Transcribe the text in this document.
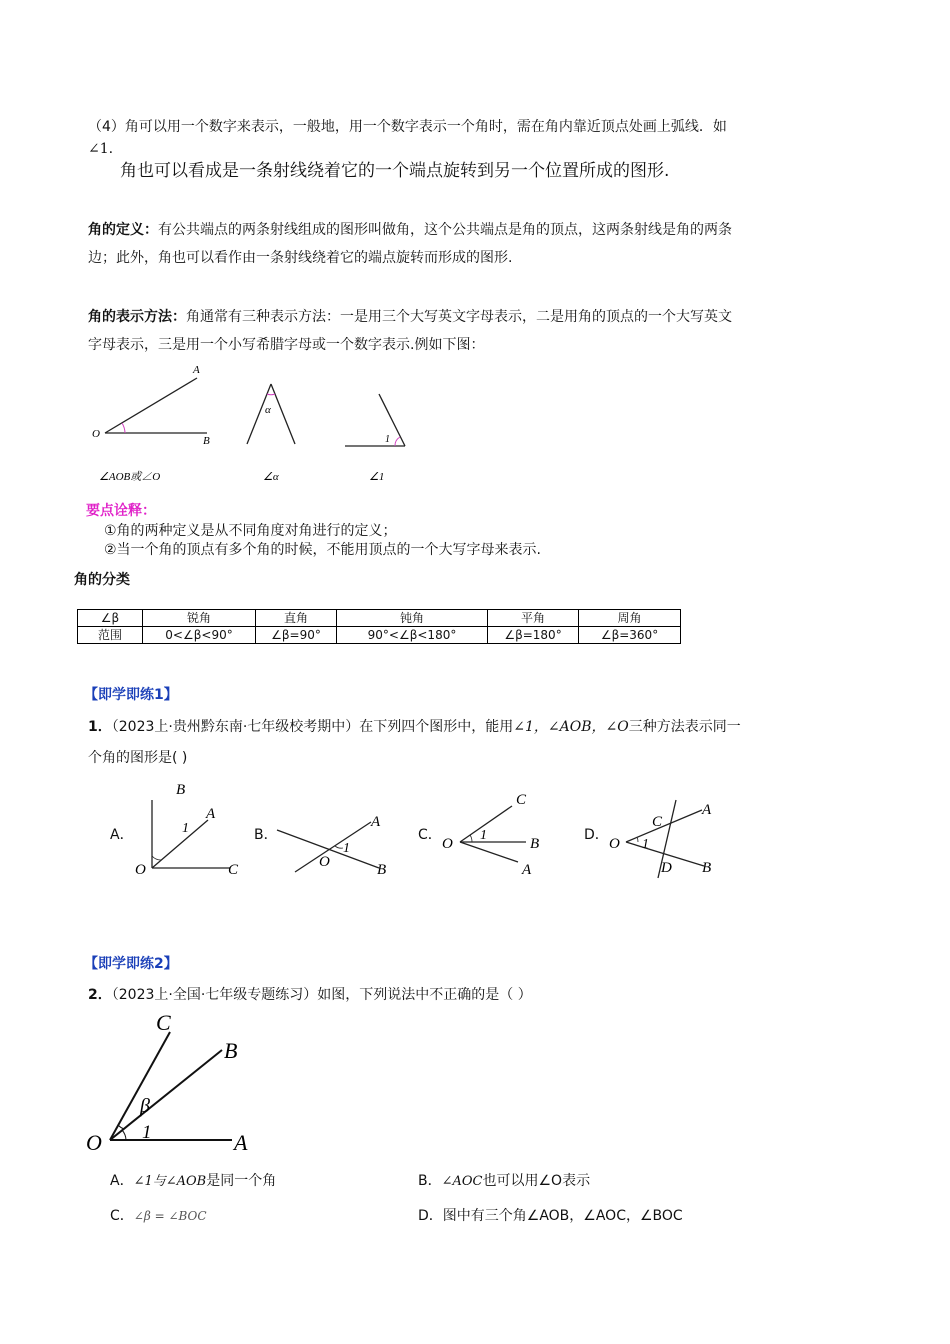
（4）角可以用一个数字来表示，一般地，用一个数字表示一个角时，需在角内靠近顶点处画上弧线．如
∠1.
角也可以看成是一条射线绕着它的一个端点旋转到另一个位置所成的图形.
角的定义：有公共端点的两条射线组成的图形叫做角，这个公共端点是角的顶点，这两条射线是角的两条
边；此外，角也可以看作由一条射线绕着它的端点旋转而形成的图形.
角的表示方法：角通常有三种表示方法：一是用三个大写英文字母表示，二是用角的顶点的一个大写英文
字母表示，三是用一个小写希腊字母或一个数字表示.例如下图：
A
O
B
∠AOB或∠O
α
∠α
1
∠1
要点诠释：
①角的两种定义是从不同角度对角进行的定义；
②当一个角的顶点有多个角的时候，不能用顶点的一个大写字母来表示.
角的分类
∠β	锐角	直角	钝角	平角	周角
范围	0<∠β<90°	∠β=90°	90°<∠β<180°	∠β=180°	∠β=360°
【即学即练1】
1．（2023上·贵州黔东南·七年级校考期中）在下列四个图形中，能用∠1，∠AOB，∠O三种方法表示同一
个角的图形是( )
A．
B
A
1
O	C
B．
A
1
O	B
C．
C
O
1
B
A
D．
A
C
O 1
D B
【即学即练2】
2．（2023上·全国·七年级专题练习）如图，下列说法中不正确的是（ ）
C
B
β
O 1	A
A．∠1与∠AOB是同一个角	B．∠AOC也可以用∠O表示
C．∠β = ∠BOC	D．图中有三个角∠AOB，∠AOC，∠BOC
